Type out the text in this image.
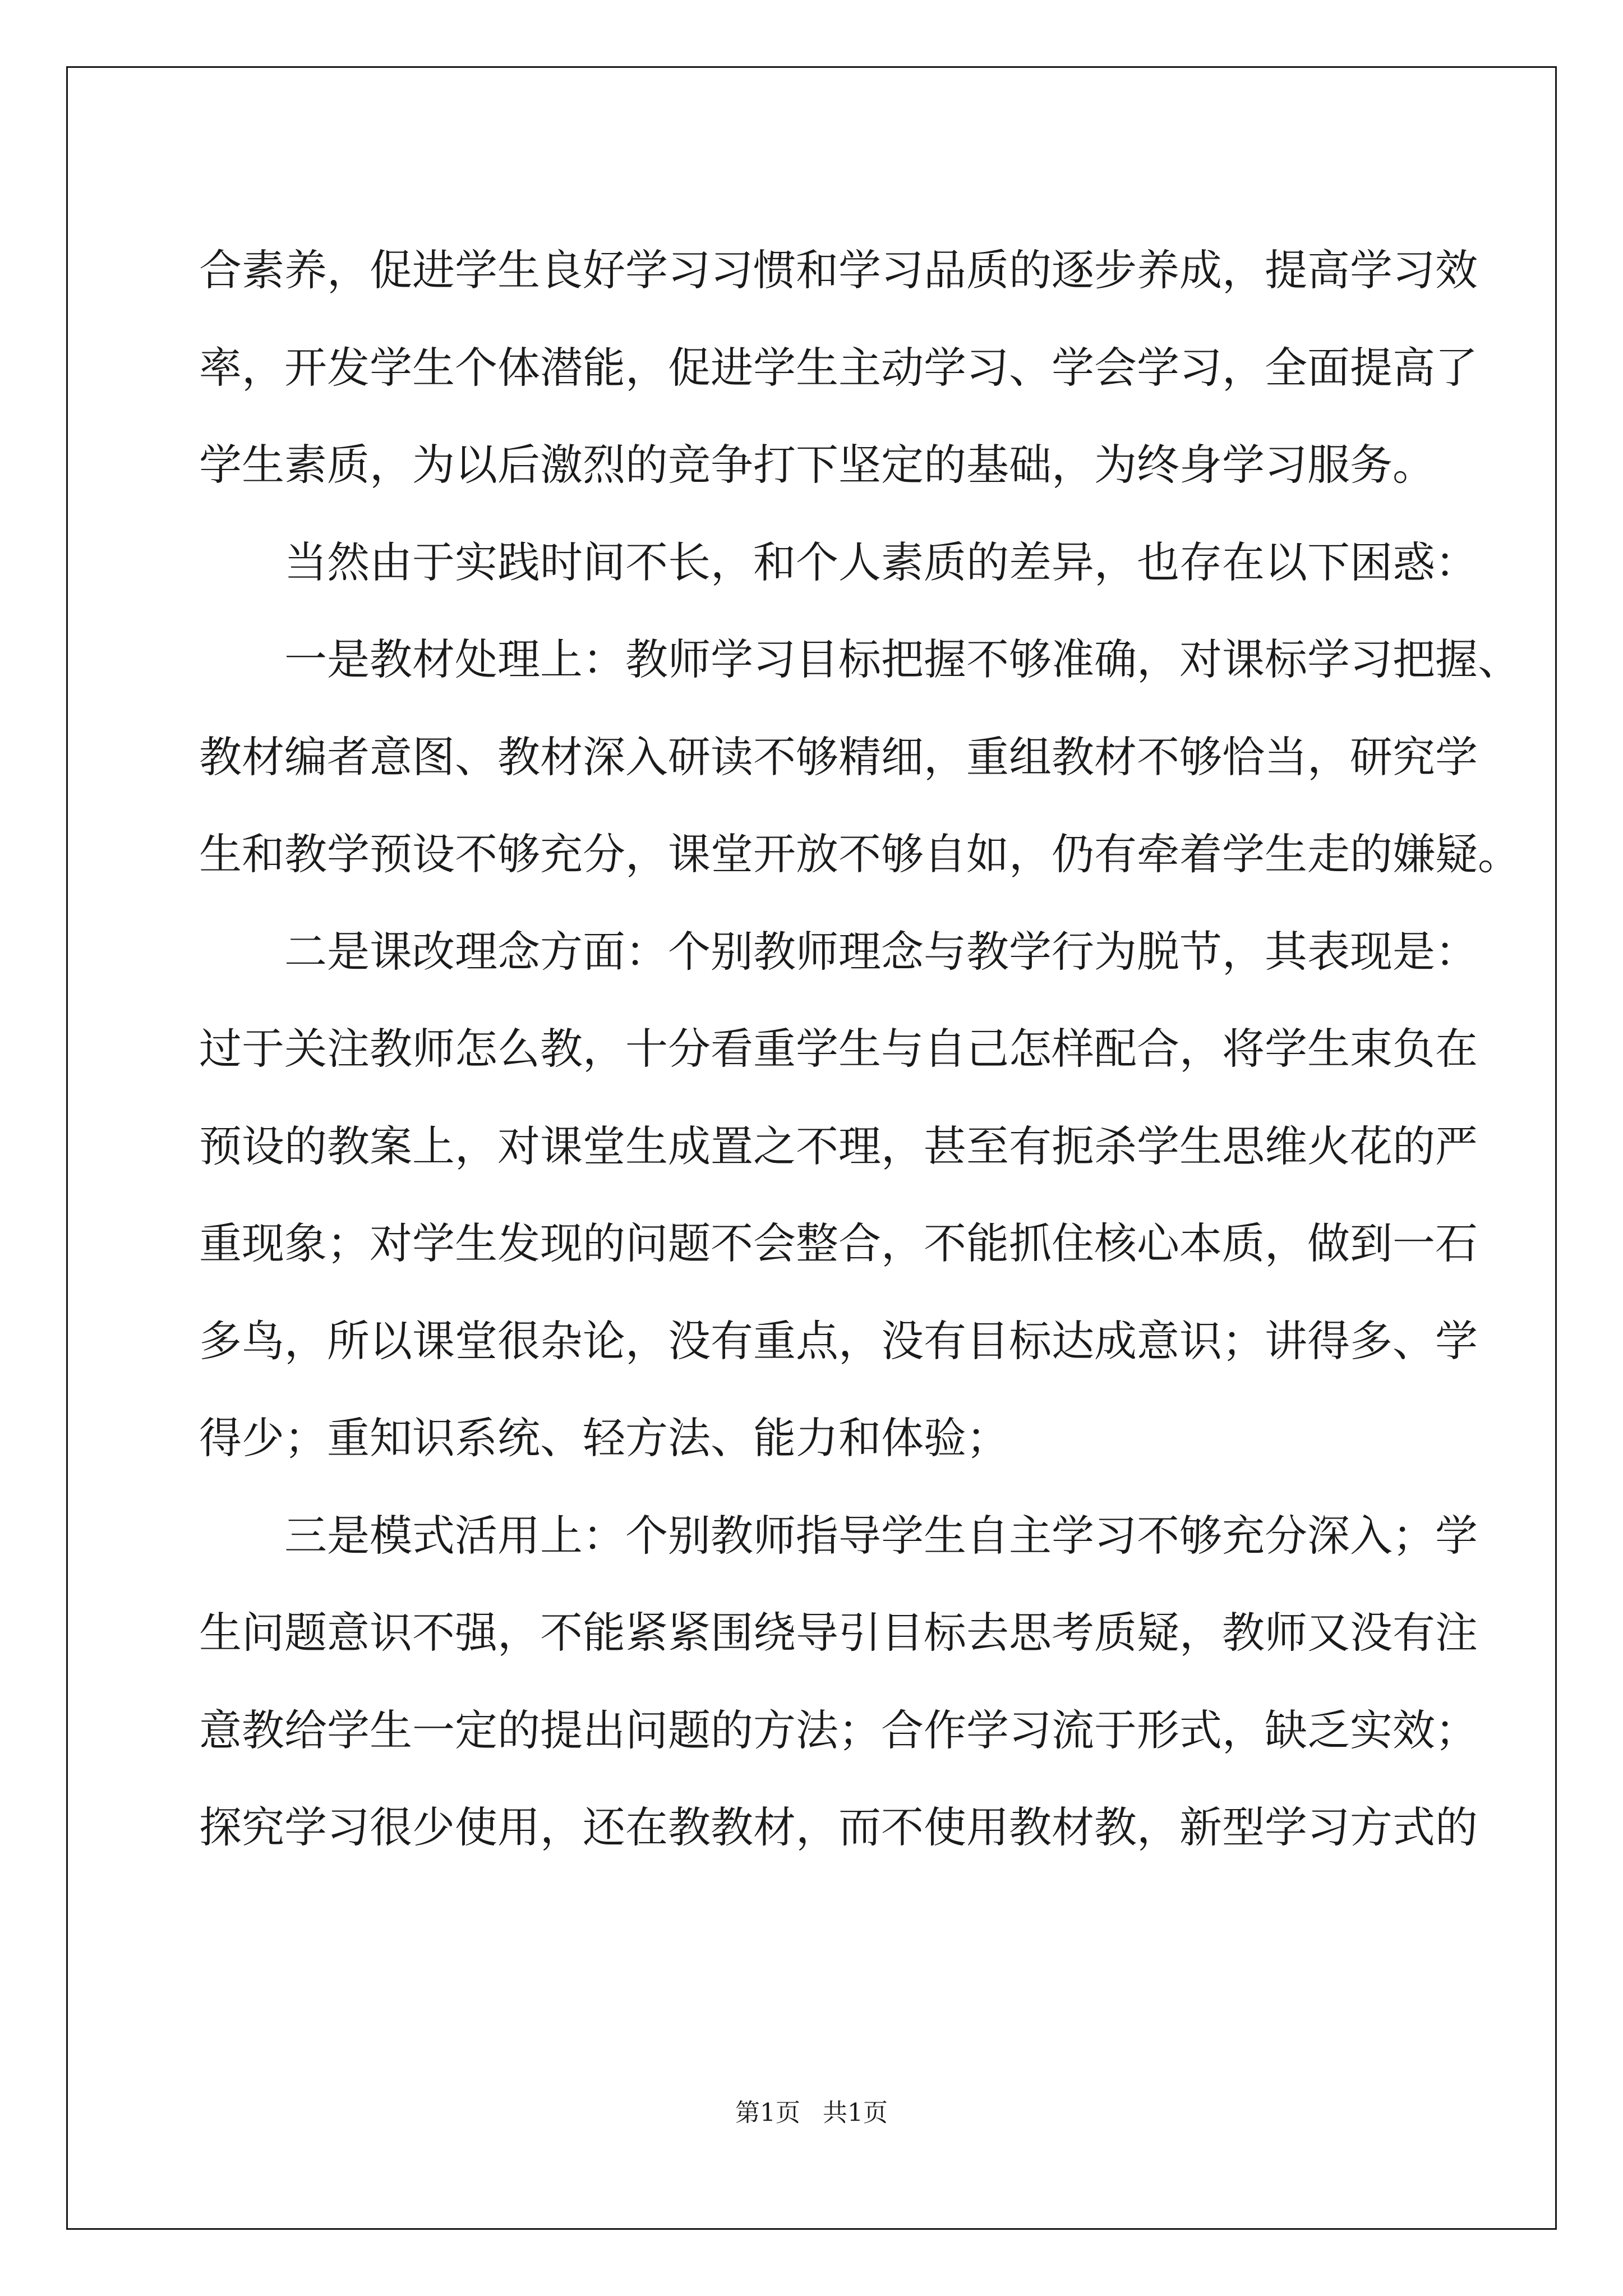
合素养，促进学生良好学习习惯和学习品质的逐步养成，提高学习效
率，开发学生个体潜能，促进学生主动学习、学会学习，全面提高了
学生素质，为以后激烈的竞争打下坚定的基础，为终身学习服务。

当然由于实践时间不长，和个人素质的差异，也存在以下困惑：

一是教材处理上：教师学习目标把握不够准确，对课标学习把握、
教材编者意图、教材深入研读不够精细，重组教材不够恰当，研究学
生和教学预设不够充分，课堂开放不够自如，仍有牵着学生走的嫌疑。

二是课改理念方面：个别教师理念与教学行为脱节，其表现是：
过于关注教师怎么教，十分看重学生与自己怎样配合，将学生束负在
预设的教案上，对课堂生成置之不理，甚至有扼杀学生思维火花的严
重现象；对学生发现的问题不会整合，不能抓住核心本质，做到一石
多鸟，所以课堂很杂论，没有重点，没有目标达成意识；讲得多、学
得少；重知识系统、轻方法、能力和体验；

三是模式活用上：个别教师指导学生自主学习不够充分深入；学
生问题意识不强，不能紧紧围绕导引目标去思考质疑，教师又没有注
意教给学生一定的提出问题的方法；合作学习流于形式，缺乏实效；
探究学习很少使用，还在教教材，而不使用教材教，新型学习方式的

第1页 共1页
